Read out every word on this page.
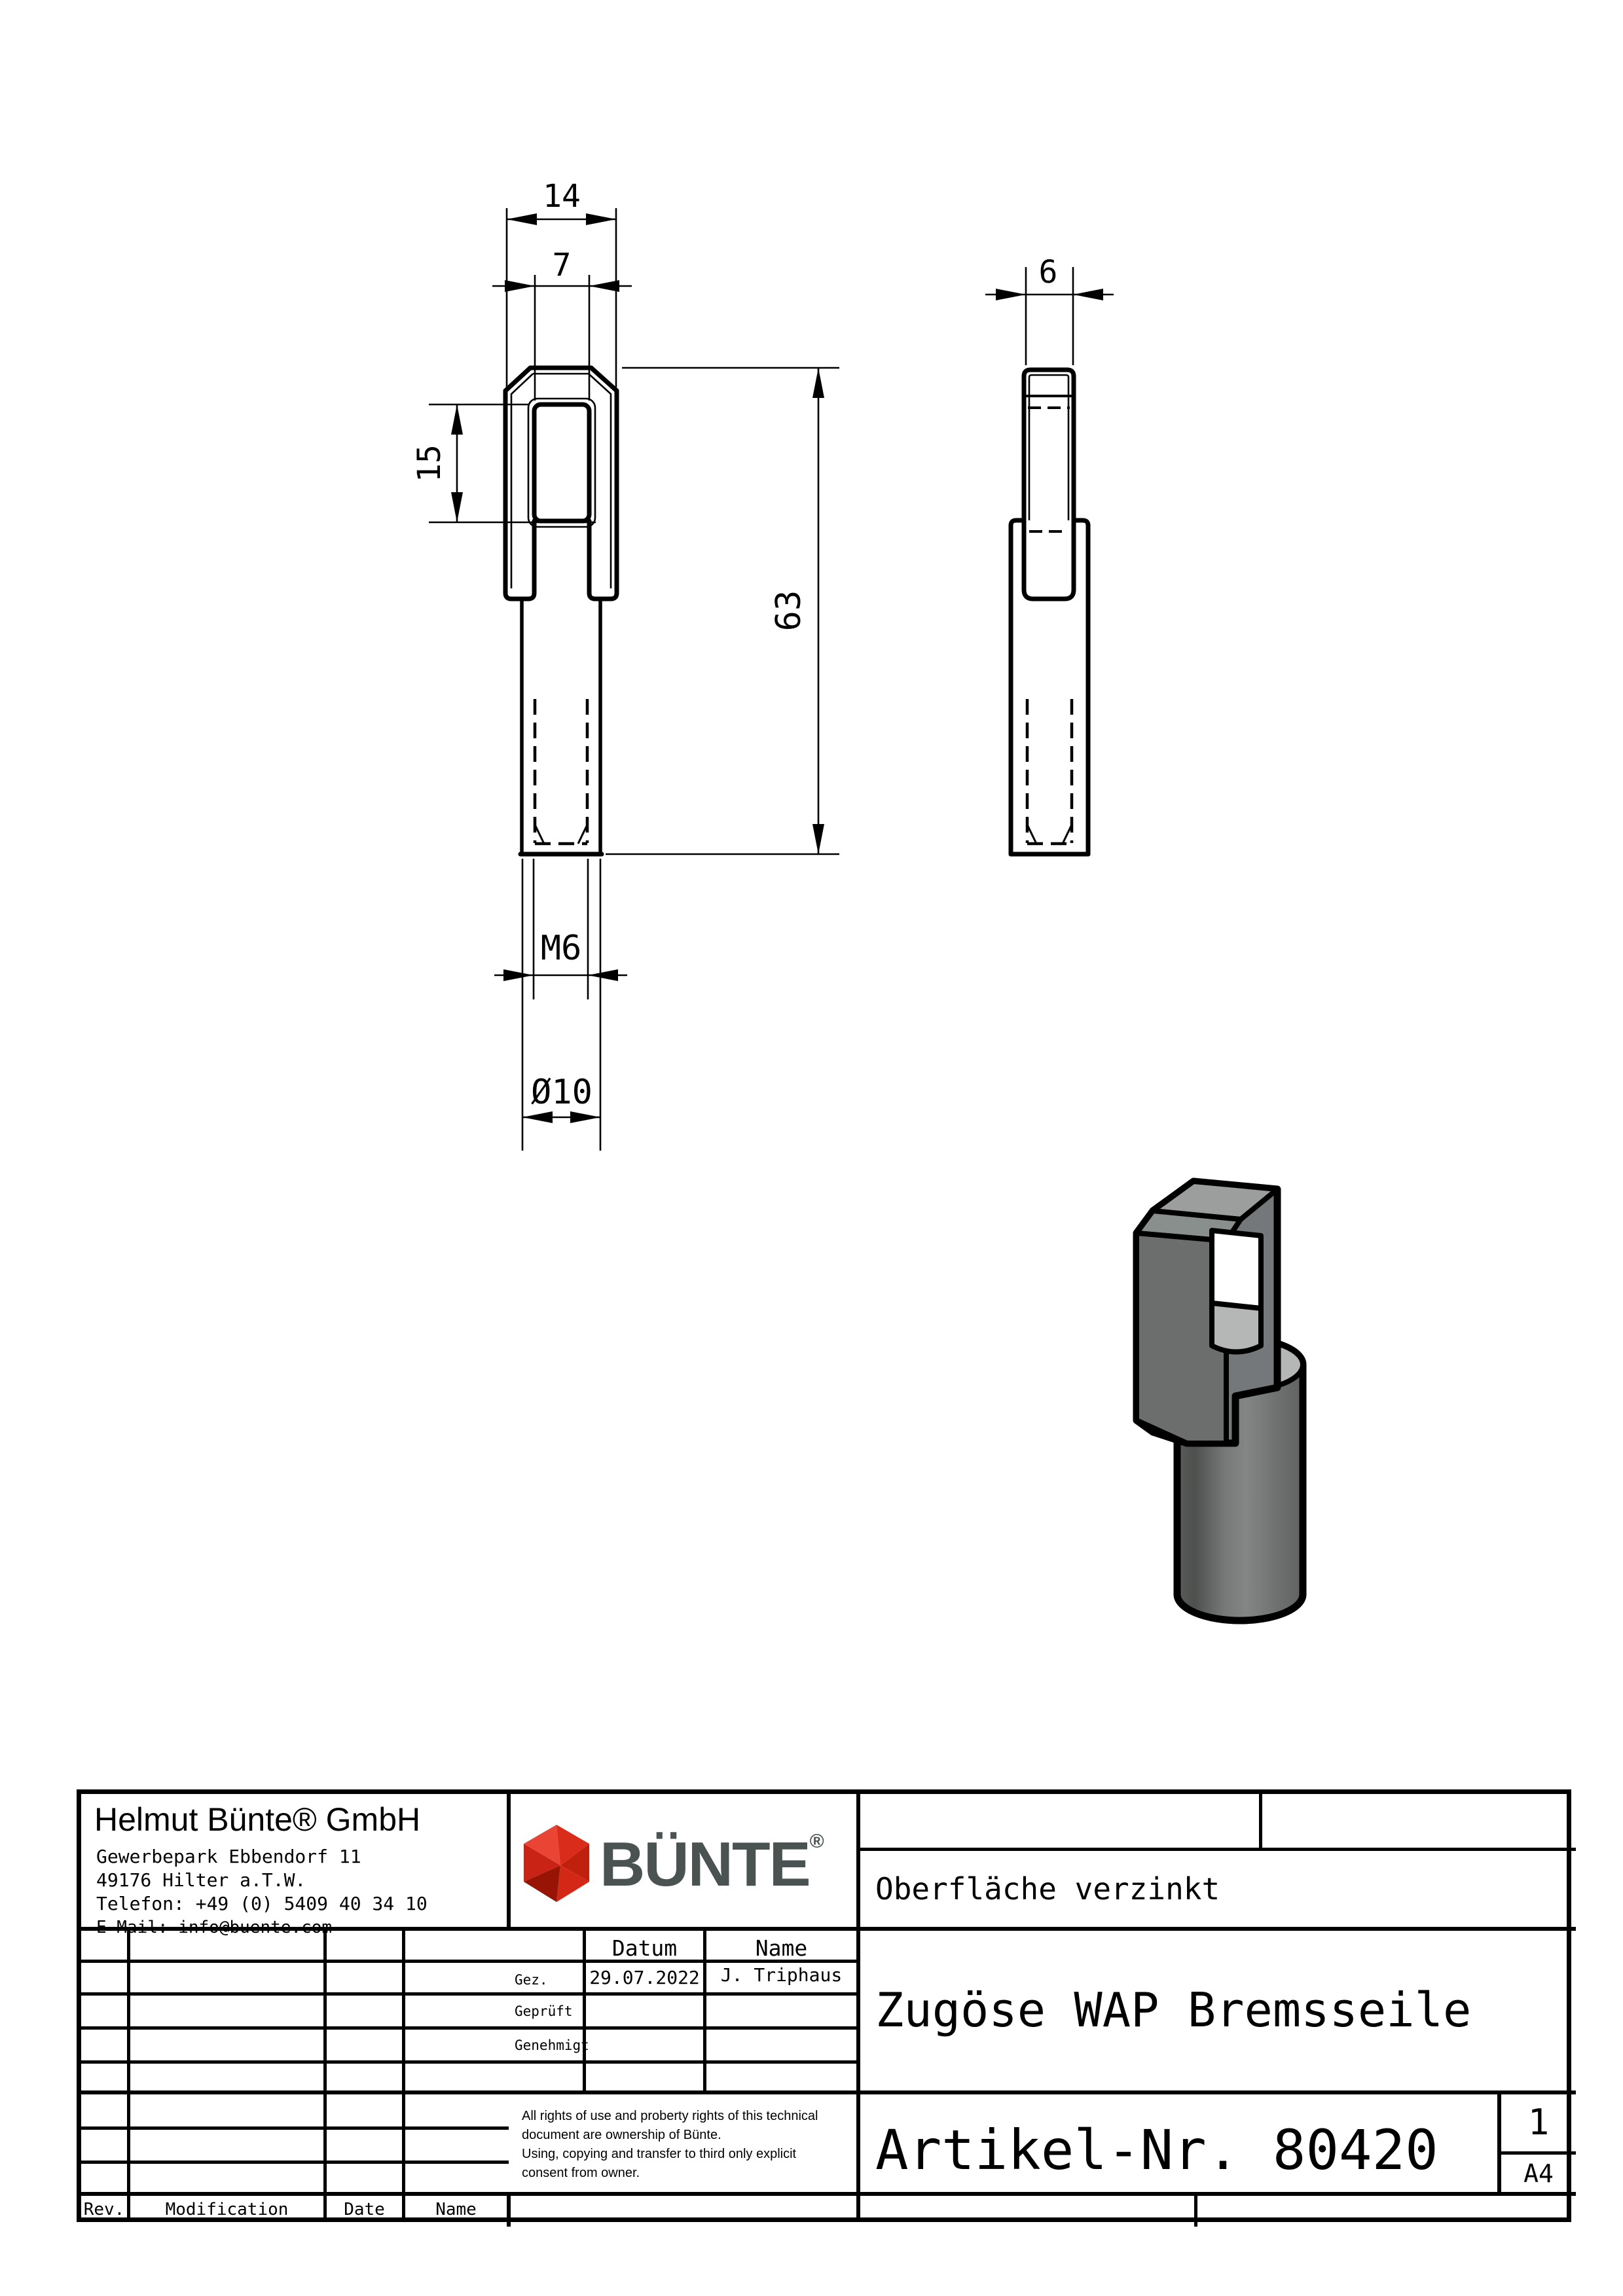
14
7
15
63
M6
Ø10
6
Helmut Bünte® GmbH
Gewerbepark Ebbendorf 11
49176 Hilter a.T.W.
Telefon: +49 (0) 5409 40 34 10
E-Mail: info@buente.com
BÜNTE®
Oberfläche verzinkt
Datum	Name
Gez. 29.07.2022	J. Triphaus
Geprüft
Genehmigt
Zugöse WAP Bremsseile
All rights of use and proberty rights of this technical
document are ownership of Bünte.
Using, copying and transfer to third only explicit
consent from owner.	Artikel-Nr. 80420	1
A4
Rev.	Modification	Date	Name
